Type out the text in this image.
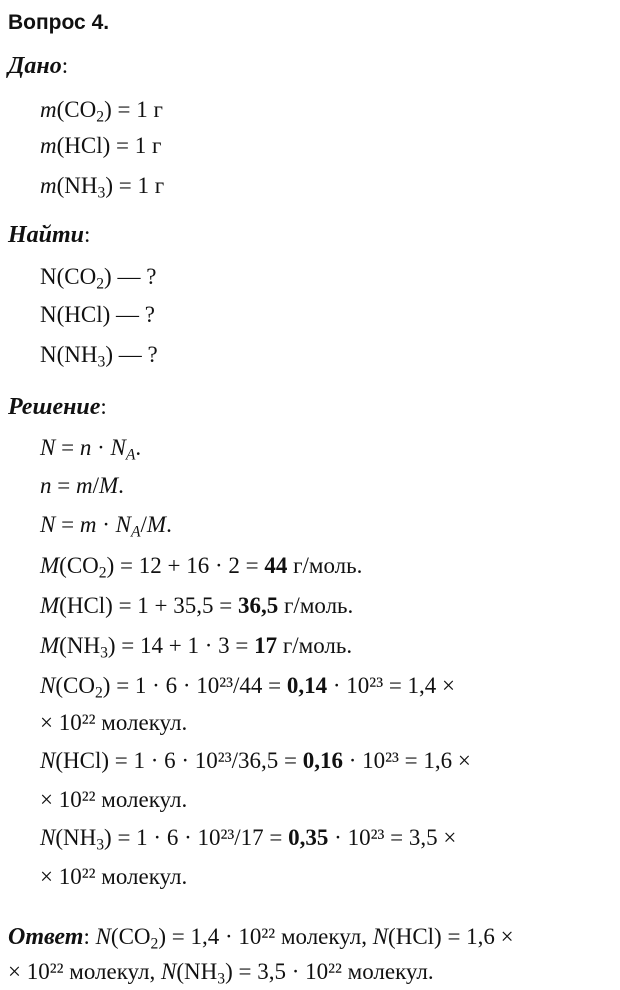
Вопрос 4.
Дано:
$m(CO_2) = 1$ г
m(HCl) = 1 г
$m(NH_3) = 1$ г
Найти:
$N(CO_2)$ — ?
N(HCl) — ?
$N(NH_3)$ — ?
Решение:
$N = n \cdot N_A$.
n = m/M.
$N = m \cdot N_A/M$.
$M(CO_2) = 12 + 16 \cdot 2 = 44$ г/моль.
M(HCl) = 1 + 35,5 = 36,5 г/моль.
$M(NH_3) = 14 + 1 \cdot 3 = 17$ г/моль.
$N(CO_2) = 1 \cdot 6 \cdot 10^{23}/44 = 0,14 \cdot 10^{23} = 1,4$ ×
× 10²² молекул.
N(HCl) = 1 · 6 · 10²³/36,5 = 0,16 · 10²³ = 1,6 ×
× 10²² молекул.
$N(NH_3) = 1 \cdot 6 \cdot 10^{23}/17 = 0,35 \cdot 10^{23} = 3,5$ ×
× 10²² молекул.
Ответ: $N(CO_2) = 1,4 \cdot 10^{22}$ молекул, N(HCl) = 1,6 ×
× 10²² молекул, $N(NH_3) = 3,5 \cdot 10^{22}$ молекул.
